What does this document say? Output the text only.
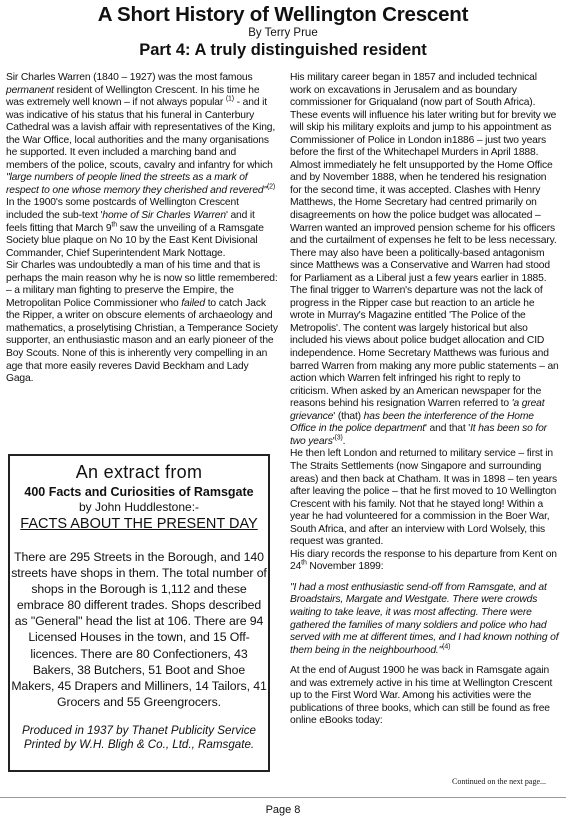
A Short History of Wellington Crescent
By Terry Prue
Part 4: A truly distinguished resident

Sir Charles Warren (1840 – 1927) was the most famous permanent resident of Wellington Crescent. In his time he was extremely well known – if not always popular $^{(1)}$ - and it was indicative of his status that his funeral in Canterbury Cathedral was a lavish affair with representatives of the King, the War Office, local authorities and the many organisations he supported. It even included a marching band and members of the police, scouts, cavalry and infantry for which "large numbers of people lined the streets as a mark of respect to one whose memory they cherished and revered"$^{(2)}$

In the 1900's some postcards of Wellington Crescent included the sub-text 'home of Sir Charles Warren' and it feels fitting that March 9th saw the unveiling of a Ramsgate Society blue plaque on No 10 by the East Kent Divisional Commander, Chief Superintendent Mark Nottage.

Sir Charles was undoubtedly a man of his time and that is perhaps the main reason why he is now so little remembered: – a military man fighting to preserve the Empire, the Metropolitan Police Commissioner who failed to catch Jack the Ripper, a writer on obscure elements of archaeology and mathematics, a proselytising Christian, a Temperance Society supporter, an enthusiastic mason and an early pioneer of the Boy Scouts. None of this is inherently very compelling in an age that more easily reveres David Beckham and Lady Gaga.

An extract from
400 Facts and Curiosities of Ramsgate
by John Huddlestone:-
FACTS ABOUT THE PRESENT DAY
There are 295 Streets in the Borough, and 140 streets have shops in them. The total number of shops in the Borough is 1,112 and these embrace 80 different trades. Shops described as "General" head the list at 106. There are 94 Licensed Houses in the town, and 15 Off-licences. There are 80 Confectioners, 43 Bakers, 38 Butchers, 51 Boot and Shoe Makers, 45 Drapers and Milliners, 14 Tailors, 41 Grocers and 55 Greengrocers.
Produced in 1937 by Thanet Publicity Service
Printed by W.H. Bligh & Co., Ltd., Ramsgate.

His military career began in 1857 and included technical work on excavations in Jerusalem and as boundary commissioner for Griqualand (now part of South Africa). These events will influence his later writing but for brevity we will skip his military exploits and jump to his appointment as Commissioner of Police in London in1886 – just two years before the first of the Whitechapel Murders in April 1888.

Almost immediately he felt unsupported by the Home Office and by November 1888, when he tendered his resignation for the second time, it was accepted. Clashes with Henry Matthews, the Home Secretary had centred primarily on disagreements on how the police budget was allocated – Warren wanted an improved pension scheme for his officers and the curtailment of expenses he felt to be less necessary. There may also have been a politically-based antagonism since Matthews was a Conservative and Warren had stood for Parliament as a Liberal just a few years earlier in 1885.

The final trigger to Warren's departure was not the lack of progress in the Ripper case but reaction to an article he wrote in Murray's Magazine entitled 'The Police of the Metropolis'. The content was largely historical but also included his views about police budget allocation and CID independence. Home Secretary Matthews was furious and barred Warren from making any more public statements – an action which Warren felt infringed his right to reply to criticism. When asked by an American newspaper for the reasons behind his resignation Warren referred to 'a great grievance' (that) has been the interference of the Home Office in the police department' and that 'It has been so for two $years'^{(3)}$.

He then left London and returned to military service – first in The Straits Settlements (now Singapore and surrounding areas) and then back at Chatham. It was in 1898 – ten years after leaving the police – that he first moved to 10 Wellington Crescent with his family. Not that he stayed long! Within a year he had volunteered for a commission in the Boer War, South Africa, and after an interview with Lord Wolsely, this request was granted.

His diary records the response to his departure from Kent on 24th November 1899:

"I had a most enthusiastic send-off from Ramsgate, and at Broadstairs, Margate and Westgate. There were crowds waiting to take leave, it was most affecting. There were gathered the families of many soldiers and police who had served with me at different times, and I had known nothing of them being in the neighbourhood."$^{(4)}$

At the end of August 1900 he was back in Ramsgate again and was extremely active in his time at Wellington Crescent up to the First Word War. Among his activities were the publications of three books, which can still be found as free online eBooks today:

Continued on the next page...
Page 8
